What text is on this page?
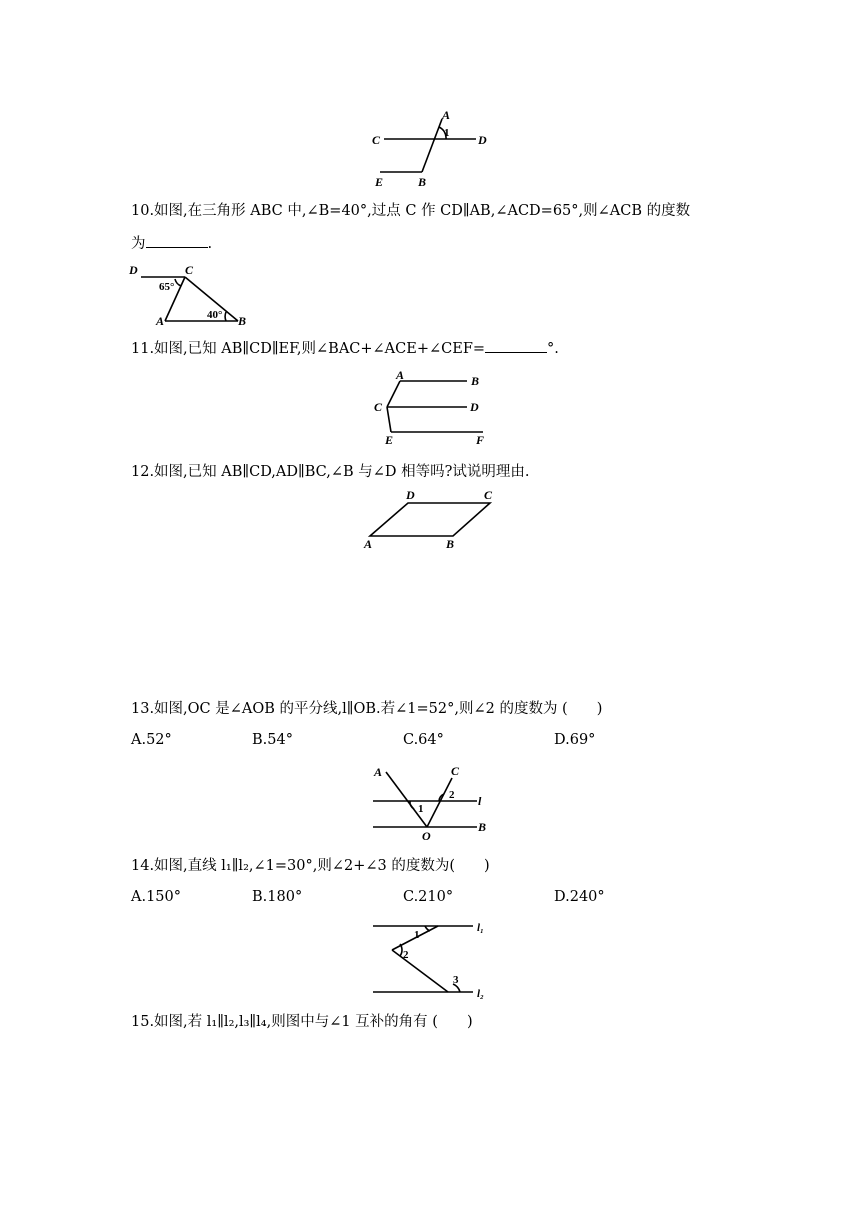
A
C	D
E	B
1
10.如图,在三角形 ABC 中,∠B=40°,过点 C 作 CD∥AB,∠ACD=65°,则∠ACB 的度数
为	.
D	C
A	B
65°
40°
11.如图,已知 AB∥CD∥EF,则∠BAC+∠ACE+∠CEF=	°.
A	B
C	D
E	F
12.如图,已知 AB∥CD,AD∥BC,∠B 与∠D 相等吗?试说明理由.
D	C
A	B
13.如图,OC 是∠AOB 的平分线,l∥OB.若∠1=52°,则∠2 的度数为 (　　)
A.52°	B.54°	C.64°	D.69°
A	C
l
O
B
1
2
14.如图,直线 l₁∥l₂,∠1=30°,则∠2+∠3 的度数为(　　)
A.150°	B.180°	C.210°	D.240°
l₁
l₂
1
2
3
15.如图,若 l₁∥l₂,l₃∥l₄,则图中与∠1 互补的角有 (　　)
